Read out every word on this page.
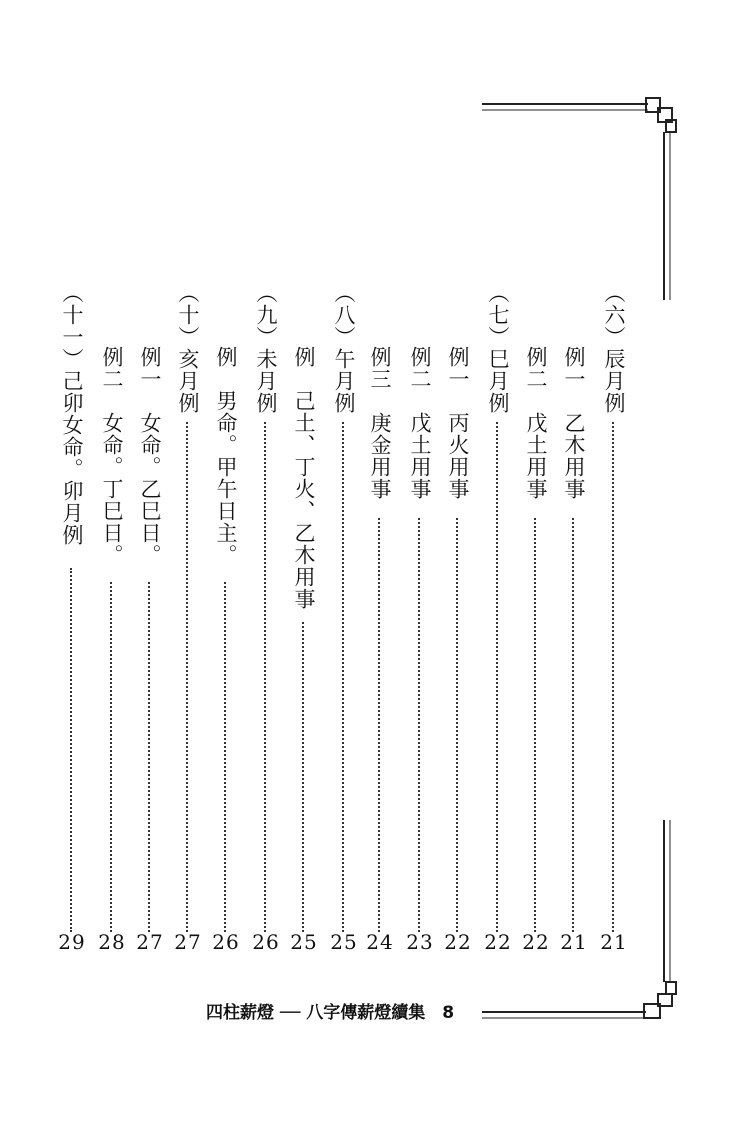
（六）辰月例
21
例一　乙木用事
21
例二　戊土用事
22
（七）巳月例
22
例一　丙火用事
22
例二　戊土用事
23
例三　庚金用事
24
（八）午月例
25
例　己土、丁火、乙木用事
25
（九）未月例
26
例　男命。甲午日主。
26
（十）亥月例
27
例一　女命。乙巳日。
27
例二　女命。丁巳日。
28
（十一）己卯女命。卯月例
29
四柱薪燈 ── 八字傳薪燈續集　8
